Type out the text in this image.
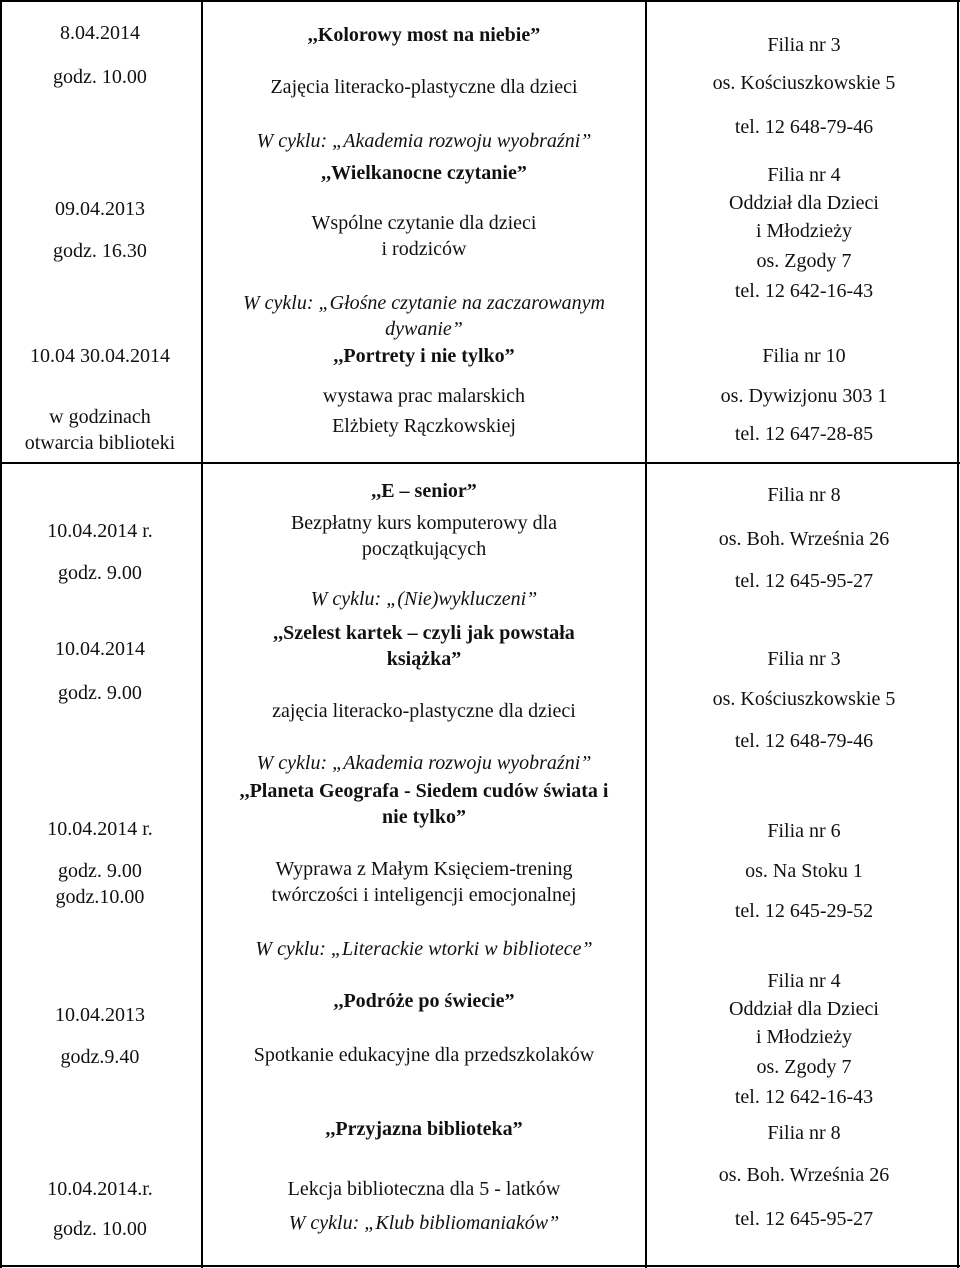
8.04.2014
godz. 10.00
09.04.2013
godz. 16.30
10.04 30.04.2014
w godzinach
otwarcia biblioteki
10.04.2014 r.
godz. 9.00
10.04.2014
godz. 9.00
10.04.2014 r.
godz. 9.00
godz.10.00
10.04.2013
godz.9.40
10.04.2014.r.
godz. 10.00
,,Kolorowy most na niebie”
Zajęcia literacko-plastyczne dla dzieci
W cyklu: „Akademia rozwoju wyobraźni”
,,Wielkanocne czytanie”
Wspólne czytanie dla dzieci
i rodziców
W cyklu: „Głośne czytanie na zaczarowanym
dywanie”
,,Portrety i nie tylko”
wystawa prac malarskich
Elżbiety Rączkowskiej
,,E – senior”
Bezpłatny kurs komputerowy dla
początkujących
W cyklu: „(Nie)wykluczeni”
,,Szelest kartek – czyli jak powstała
książka”
zajęcia literacko-plastyczne dla dzieci
W cyklu: „Akademia rozwoju wyobraźni”
,,Planeta Geografa - Siedem cudów świata i
nie tylko”
Wyprawa z Małym Księciem-trening
twórczości i inteligencji emocjonalnej
W cyklu: „Literackie wtorki w bibliotece”
,,Podróże po świecie”
Spotkanie edukacyjne dla przedszkolaków
,,Przyjazna biblioteka”
Lekcja biblioteczna dla 5 - latków
W cyklu: „Klub bibliomaniaków”
Filia nr 3
os. Kościuszkowskie 5
tel. 12 648-79-46
Filia nr 4
Oddział dla Dzieci
i Młodzieży
os. Zgody 7
tel. 12 642-16-43
Filia nr 10
os. Dywizjonu 303 1
tel. 12 647-28-85
Filia nr 8
os. Boh. Września 26
tel. 12 645-95-27
Filia nr 3
os. Kościuszkowskie 5
tel. 12 648-79-46
Filia nr 6
os. Na Stoku 1
tel. 12 645-29-52
Filia nr 4
Oddział dla Dzieci
i Młodzieży
os. Zgody 7
tel. 12 642-16-43
Filia nr 8
os. Boh. Września 26
tel. 12 645-95-27
